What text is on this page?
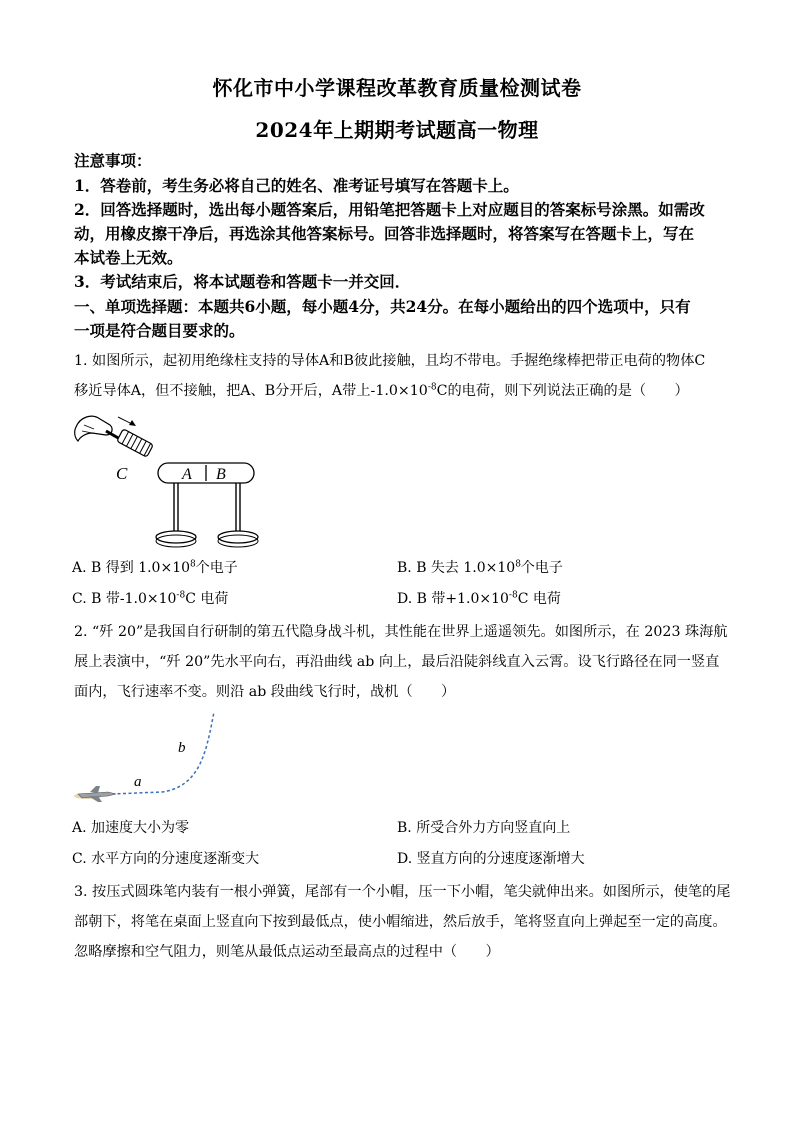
怀化市中小学课程改革教育质量检测试卷
2024年上期期考试题高一物理
注意事项：
1．答卷前，考生务必将自己的姓名、准考证号填写在答题卡上。
2．回答选择题时，选出每小题答案后，用铅笔把答题卡上对应题目的答案标号涂黑。如需改
动，用橡皮擦干净后，再选涂其他答案标号。回答非选择题时，将答案写在答题卡上，写在
本试卷上无效。
3．考试结束后，将本试题卷和答题卡一并交回．
一、单项选择题：本题共6小题，每小题4分，共24分。在每小题给出的四个选项中，只有
一项是符合题目要求的。
1. 如图所示，起初用绝缘柱支持的导体A和B彼此接触，且均不带电。手握绝缘棒把带正电荷的物体C
移近导体A，但不接触，把A、B分开后，A带上$-1.0\times 10^{-8}C$的电荷，则下列说法正确的是（　　）
C	A B
A. B 得到 $1.0\times 10^8$个电子	B. B 失去 $1.0\times 10^8$个电子
C. B 带$-1.0\times 10^{-8}C$ 电荷	D. B 带$+1.0\times 10^{-8}C$ 电荷
2. “歼 20”是我国自行研制的第五代隐身战斗机，其性能在世界上遥遥领先。如图所示，在 2023 珠海航
展上表演中，“歼 20”先水平向右，再沿曲线 ab 向上，最后沿陡斜线直入云霄。设飞行路径在同一竖直
面内，飞行速率不变。则沿 ab 段曲线飞行时，战机（　　）
a
b
A. 加速度大小为零	B. 所受合外力方向竖直向上
C. 水平方向的分速度逐渐变大	D. 竖直方向的分速度逐渐增大
3. 按压式圆珠笔内装有一根小弹簧，尾部有一个小帽，压一下小帽，笔尖就伸出来。如图所示，使笔的尾
部朝下，将笔在桌面上竖直向下按到最低点，使小帽缩进，然后放手，笔将竖直向上弹起至一定的高度。
忽略摩擦和空气阻力，则笔从最低点运动至最高点的过程中（　　）
